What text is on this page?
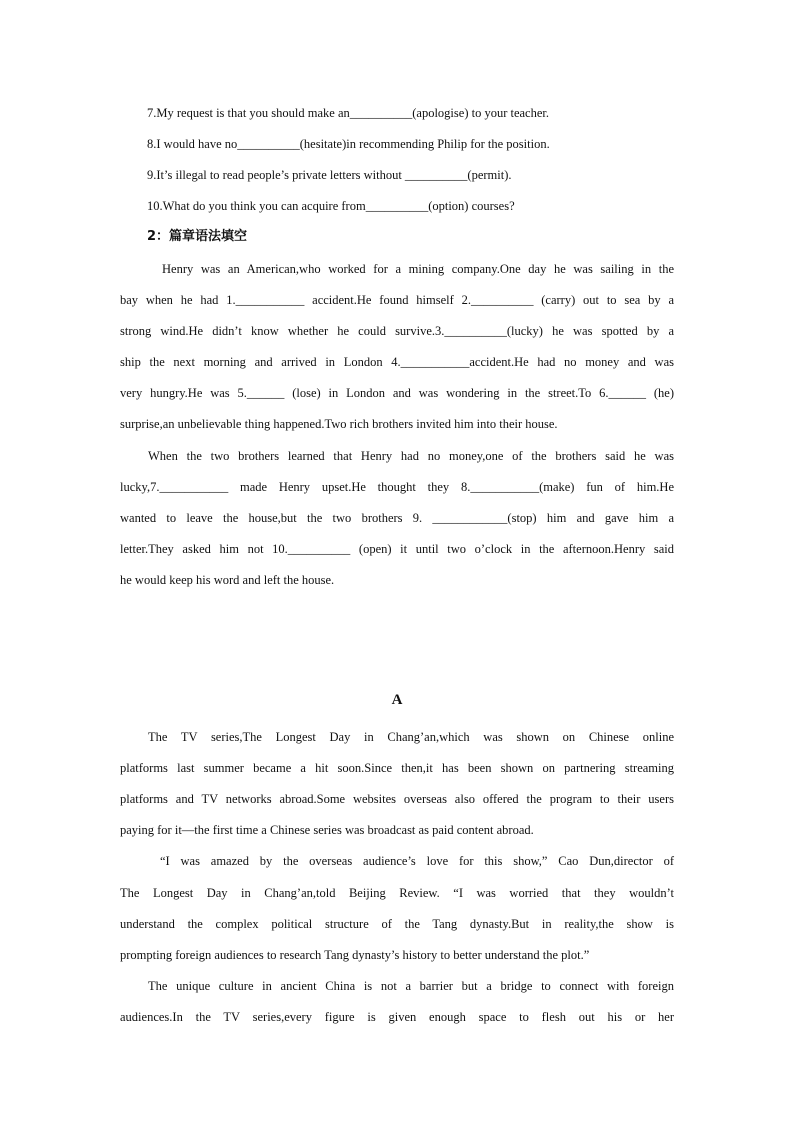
7.My request is that you should make an__________(apologise) to your teacher.
8.I would have no__________(hesitate)in recommending Philip for the position.
9.It’s illegal to read people’s private letters without __________(permit).
10.What do you think you can acquire from__________(option) courses?
2：篇章语法填空
Henry was an American,who worked for a mining company.One day he was sailing in the
bay when he had 1.___________ accident.He found himself 2.__________ (carry) out to sea by a
strong wind.He didn’t know whether he could survive.3.__________(lucky) he was spotted by a
ship the next morning and arrived in London 4.___________accident.He had no money and was
very hungry.He was 5.______ (lose) in London and was wondering in the street.To 6.______ (he)
surprise,an unbelievable thing happened.Two rich brothers invited him into their house.
When the two brothers learned that Henry had no money,one of the brothers said he was
lucky,7.___________ made Henry upset.He thought they 8.___________(make) fun of him.He
wanted to leave the house,but the two brothers 9. ____________(stop) him and gave him a
letter.They asked him not 10.__________ (open) it until two o’clock in the afternoon.Henry said
he would keep his word and left the house.
A
The TV series,The Longest Day in Chang’an,which was shown on Chinese online
platforms last summer became a hit soon.Since then,it has been shown on partnering streaming
platforms and TV networks abroad.Some websites overseas also offered the program to their users
paying for it—the first time a Chinese series was broadcast as paid content abroad.
“I was amazed by the overseas audience’s love for this show,” Cao Dun,director of
The Longest Day in Chang’an,told Beijing Review. “I was worried that they wouldn’t
understand the complex political structure of the Tang dynasty.But in reality,the show is
prompting foreign audiences to research Tang dynasty’s history to better understand the plot.”
The unique culture in ancient China is not a barrier but a bridge to connect with foreign
audiences.In the TV series,every figure is given enough space to flesh out his or her
